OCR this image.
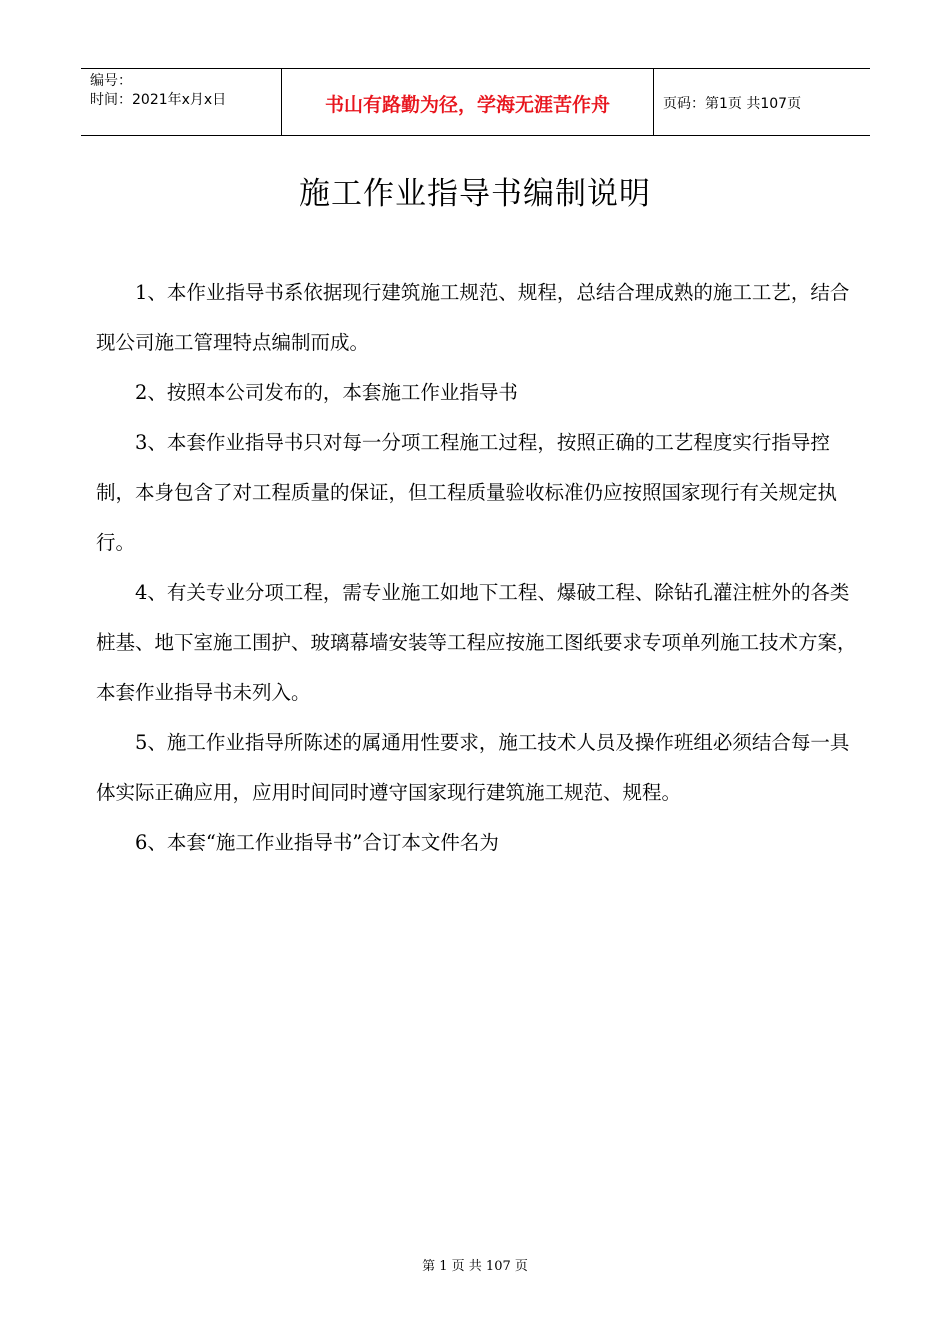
编号：
时间：2021年x月x日	书山有路勤为径，学海无涯苦作舟	页码：第1页 共107页
施工作业指导书编制说明

1、本作业指导书系依据现行建筑施工规范、规程，总结合理成熟的施工工艺，结合现公司施工管理特点编制而成。

2、按照本公司发布的，本套施工作业指导书

3、本套作业指导书只对每一分项工程施工过程，按照正确的工艺程度实行指导控制，本身包含了对工程质量的保证，但工程质量验收标准仍应按照国家现行有关规定执行。

4、有关专业分项工程，需专业施工如地下工程、爆破工程、除钻孔灌注桩外的各类桩基、地下室施工围护、玻璃幕墙安装等工程应按施工图纸要求专项单列施工技术方案，本套作业指导书未列入。

5、施工作业指导所陈述的属通用性要求，施工技术人员及操作班组必须结合每一具体实际正确应用，应用时间同时遵守国家现行建筑施工规范、规程。

6、本套“施工作业指导书”合订本文件名为

第 1 页 共 107 页
